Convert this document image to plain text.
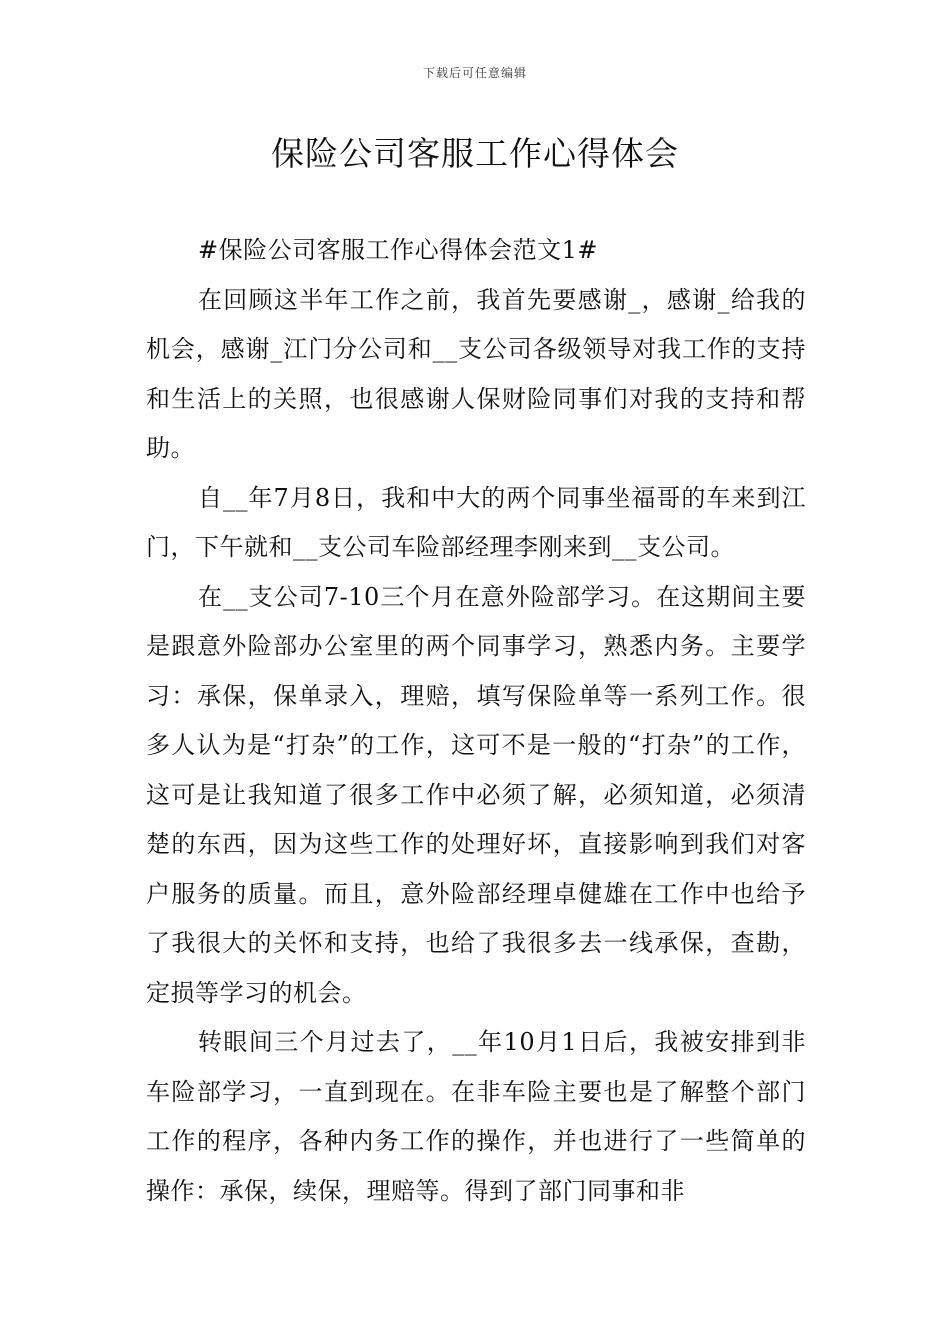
下载后可任意编辑
保险公司客服工作心得体会

#保险公司客服工作心得体会范文1#

在回顾这半年工作之前，我首先要感谢_，感谢_给我的机会，感谢_江门分公司和__支公司各级领导对我工作的支持和生活上的关照，也很感谢人保财险同事们对我的支持和帮助。

自__年7月8日，我和中大的两个同事坐福哥的车来到江门，下午就和__支公司车险部经理李刚来到__支公司。

在__支公司7-10三个月在意外险部学习。在这期间主要是跟意外险部办公室里的两个同事学习，熟悉内务。主要学习：承保，保单录入，理赔，填写保险单等一系列工作。很多人认为是“打杂”的工作，这可不是一般的“打杂”的工作，这可是让我知道了很多工作中必须了解，必须知道，必须清楚的东西，因为这些工作的处理好坏，直接影响到我们对客户服务的质量。而且，意外险部经理卓健雄在工作中也给予了我很大的关怀和支持，也给了我很多去一线承保，查勘，定损等学习的机会。

转眼间三个月过去了，__年10月1日后，我被安排到非车险部学习，一直到现在。在非车险主要也是了解整个部门工作的程序，各种内务工作的操作，并也进行了一些简单的操作：承保，续保，理赔等。得到了部门同事和非
